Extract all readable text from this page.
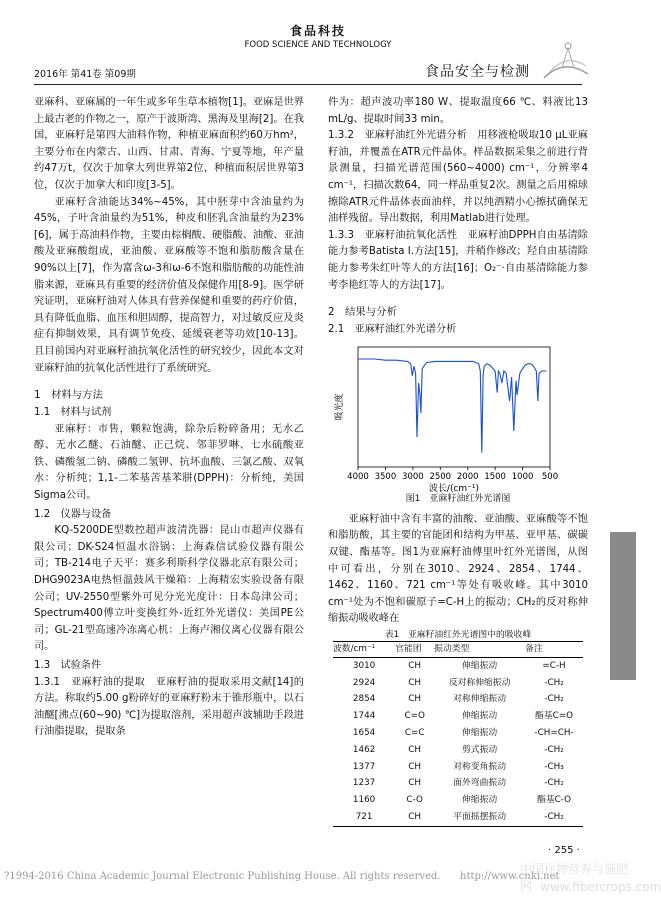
食品科技
FOOD SCIENCE AND TECHNOLOGY
2016年 第41卷 第09期	食品安全与检测

亚麻科、亚麻属的一年生或多年生草本植物[1]。亚麻是世界上最古老的作物之一，原产于波斯湾、黑海及里海[2]。在我国，亚麻籽是第四大油料作物，种植亚麻面积约60万hm²，主要分布在内蒙古、山西、甘肃、青海、宁夏等地，年产量约47万t，仅次于加拿大列世界第2位，种植面积居世界第3位，仅次于加拿大和印度[3-5]。

亚麻籽含油能达34%~45%，其中胚芽中含油量约为45%，子叶含油量约为51%，种皮和胚乳含油量约为23%[6]，属于高油料作物，主要由棕榈酸、硬脂酸、油酸、亚油酸及亚麻酸组成，亚油酸、亚麻酸等不饱和脂肪酸含量在90%以上[7]，作为富含ω-3和ω-6不饱和脂肪酸的功能性油脂来源，亚麻具有重要的经济价值及保健作用[8-9]。医学研究证明，亚麻籽油对人体具有营养保健和重要的药疗价值，具有降低血脂、血压和胆固醇，提高智力，对过敏反应及炎症有抑制效果，具有调节免疫、延缓衰老等功效[10-13]。且目前国内对亚麻籽油抗氧化活性的研究较少，因此本文对亚麻籽油的抗氧化活性进行了系统研究。

1　材料与方法
1.1　材料与试剂

亚麻籽：市售，颗粒饱满，除杂后粉碎备用；无水乙醇、无水乙醚、石油醚、正己烷、邻菲罗啉、七水硫酸亚铁、磷酸氢二钠、磷酸二氢钾、抗坏血酸、三氯乙酸、双氧水：分析纯；1,1-二苯基苦基苯肼(DPPH)：分析纯，美国Sigma公司。

1.2　仪器与设备

KQ-5200DE型数控超声波清洗器：昆山市超声仪器有限公司；DK-S24恒温水浴锅：上海森信试验仪器有限公司；TB-214电子天平：赛多利斯科学仪器北京有限公司；DHG9023A电热恒温鼓风干燥箱：上海精宏实验设备有限公司；UV-2550型紫外可见分光光度计：日本岛津公司；Spectrum400傅立叶变换红外-近红外光谱仪：美国PE公司；GL-21型高速冷冻离心机：上海卢湘仪离心仪器有限公司。

1.3　试验条件

1.3.1　亚麻籽油的提取　亚麻籽油的提取采用文献[14]的方法。称取约5.00 g粉碎好的亚麻籽粉末于锥形瓶中，以石油醚[沸点(60~90) ℃]为提取溶剂，采用超声波辅助手段进行油脂提取，提取条

件为：超声波功率180 W、提取温度66 ℃、料液比13 mL/g、提取时间33 min。

1.3.2　亚麻籽油红外光谱分析　用移液枪吸取10 μL亚麻籽油，并覆盖在ATR元件晶体。样品数据采集之前进行背景测量，扫描光谱范围(560~4000) cm⁻¹，分辨率4 cm⁻¹，扫描次数64，同一样品重复2次。测量之后用棉球擦除ATR元件晶体表面油样，并以纯酒精小心擦拭确保无油样残留。导出数据，利用Matlab进行处理。

1.3.3　亚麻籽油抗氧化活性　亚麻籽油DPPH自由基清除能力参考Batista I.方法[15]，并稍作修改；羟自由基清除能力参考朱红叶等人的方法[16]；O₂⁻·自由基清除能力参考李艳红等人的方法[17]。

2　结果与分析
2.1　亚麻籽油红外光谱分析
4000 3500 3000 2500 2000 1500 1000 500
波长/(cm⁻¹)
吸光度
图1　亚麻籽油红外光谱图

亚麻籽油中含有丰富的油酸、亚油酸、亚麻酸等不饱和脂肪酸，其主要的官能团和结构为甲基、亚甲基、碳碳双键、酯基等。图1为亚麻籽油傅里叶红外光谱图，从图中可看出，分别在3010、2924、2854、1744、1462、1160、721 cm⁻¹等处有吸收峰。其中3010 cm⁻¹处为不饱和碳原子=C-H上的振动；CH₂的反对称伸缩振动吸收峰在

表1　亚麻籽油红外光谱图中的吸收峰
波数/cm⁻¹	官能团	振动类型	备注
3010	CH	伸缩振动	=C-H
2924	CH	反对称伸缩振动	-CH₂
2854	CH	对称伸缩振动	-CH₂
1744	C=O	伸缩振动	酯基C=O
1654	C=C	伸缩振动	-CH=CH-
1462	CH	剪式振动	-CH₂
1377	CH	对称变角振动	-CH₃
1237	CH	面外弯曲振动	-CH₂
1160	C-O	伸缩振动	酯基C-O
721	CH	平面摇摆振动	-CH₂
· 255 ·
?1994-2016 China Academic Journal Electronic Publishing House. All rights reserved. http://www.cnki.net
中国作物营养与施肥网 www.fibercrops.com
